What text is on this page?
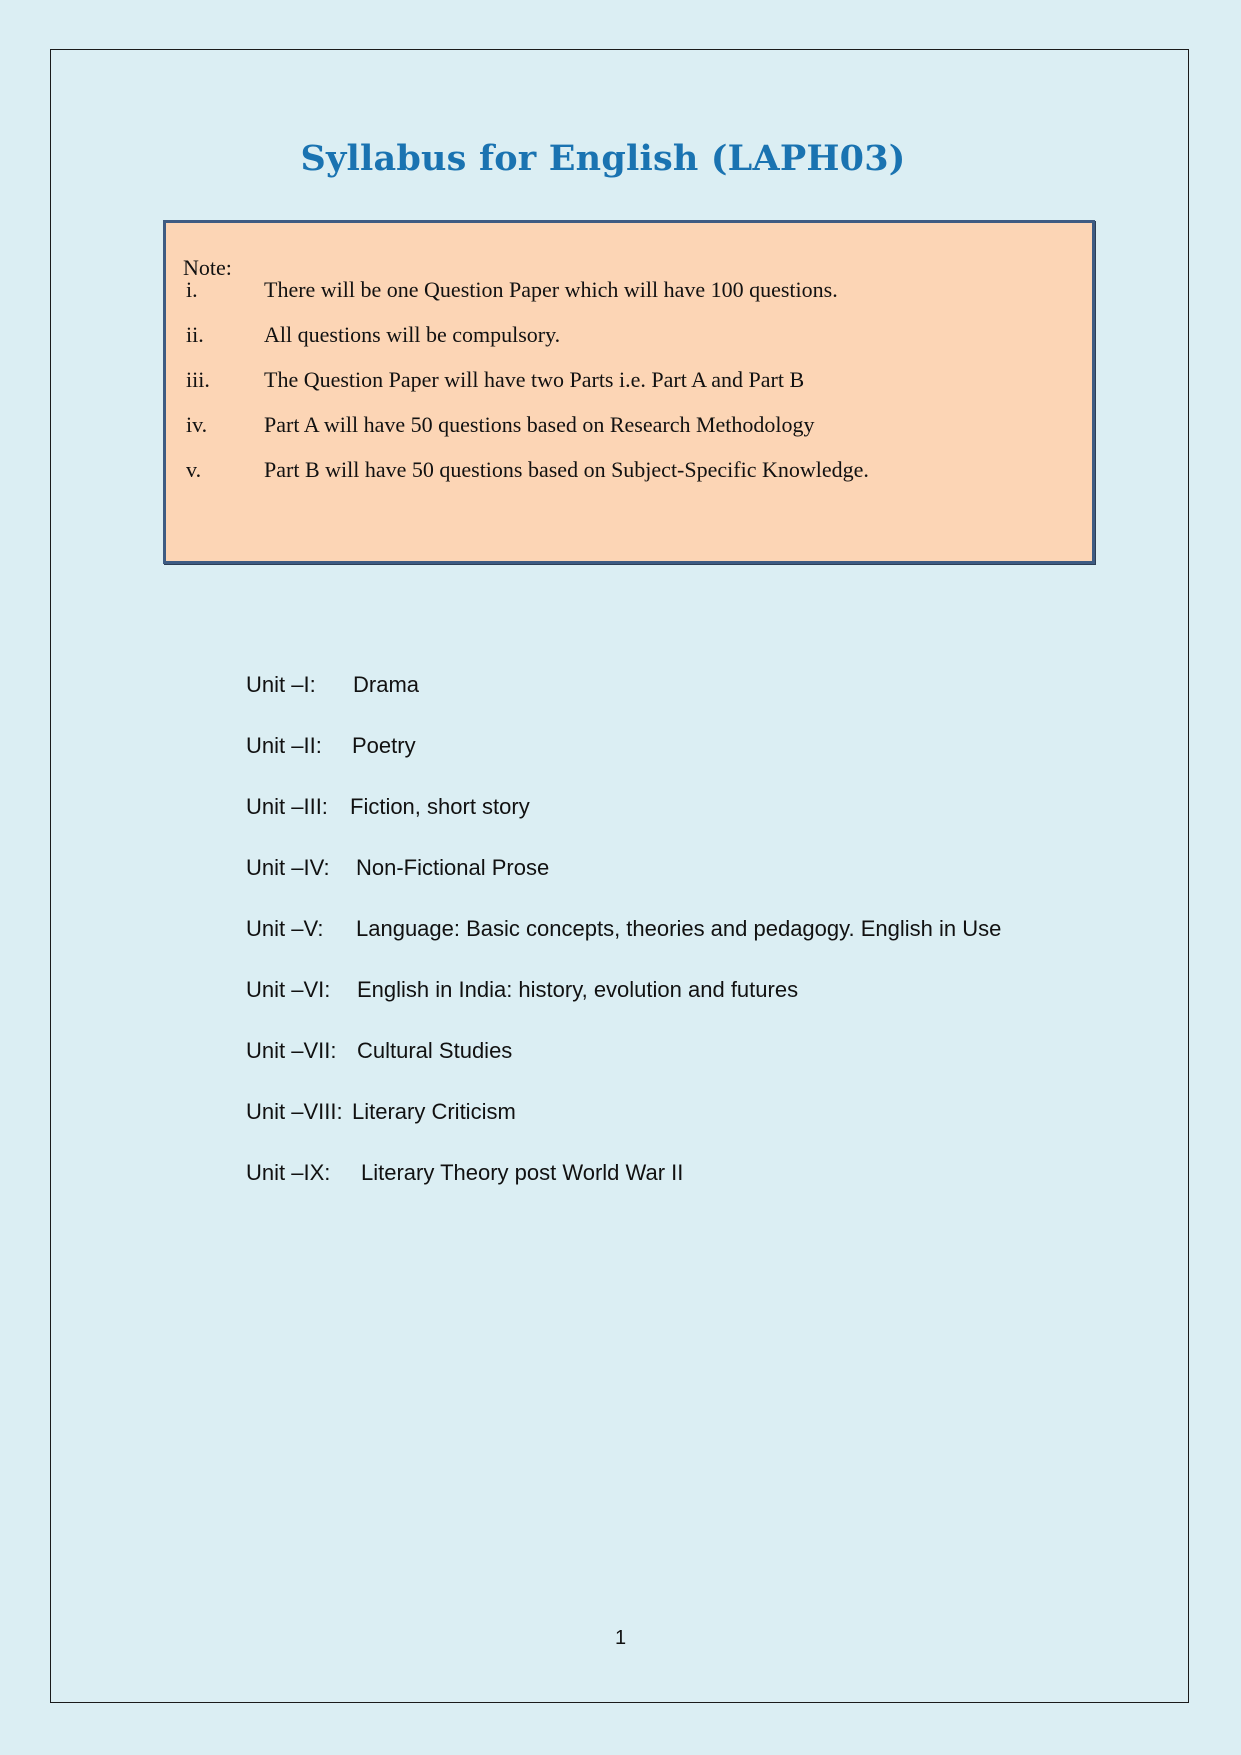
Syllabus for English (LAPH03)
Note:
i.	There will be one Question Paper which will have 100 questions.
ii.	All questions will be compulsory.
iii.	The Question Paper will have two Parts i.e. Part A and Part B
iv.	Part A will have 50 questions based on Research Methodology
v.	Part B will have 50 questions based on Subject-Specific Knowledge.
Unit –I: Drama
Unit –II: Poetry
Unit –III: Fiction, short story
Unit –IV: Non-Fictional Prose
Unit –V: Language: Basic concepts, theories and pedagogy. English in Use
Unit –VI: English in India: history, evolution and futures
Unit –VII: Cultural Studies
Unit –VIII: Literary Criticism
Unit –IX: Literary Theory post World War II
1
